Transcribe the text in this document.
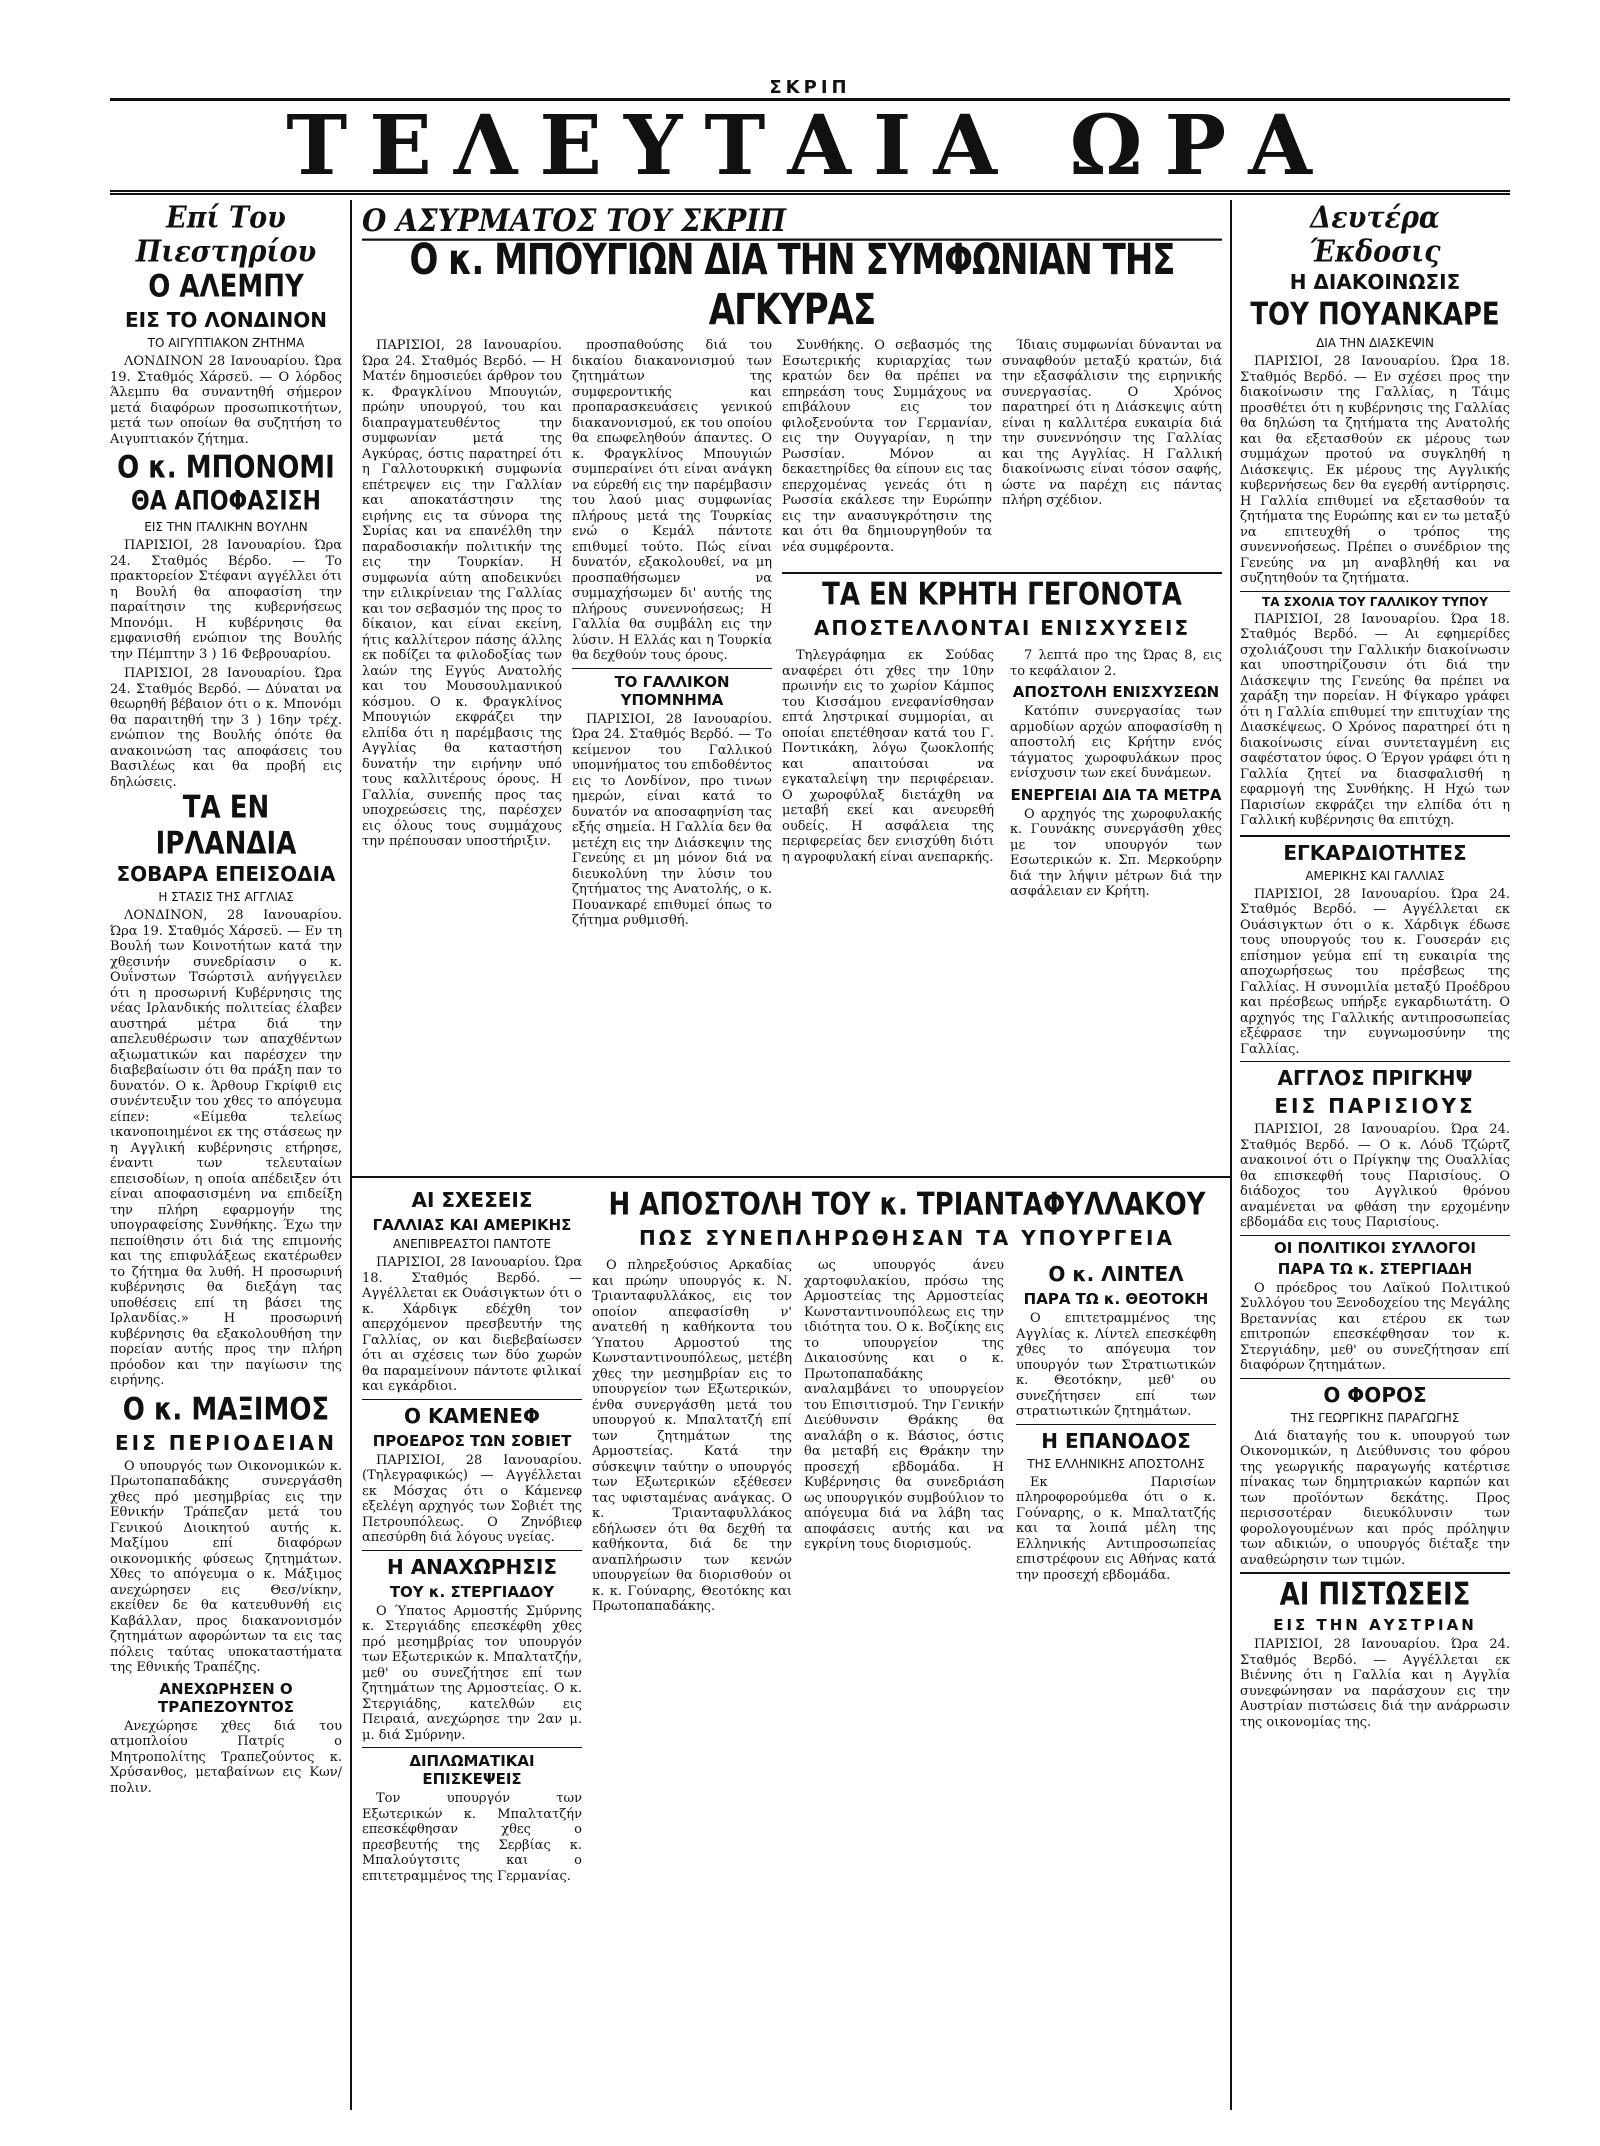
ΣΚΡΙΠ
ΤΕΛΕΥΤΑΙΑ ΩΡΑ
Επί Του Πιεστηρίου
Ο ΑΛΕΜΠΥ
ΕΙΣ ΤΟ ΛΟΝΔΙΝΟΝ
ΤΟ ΑΙΓΥΠΤΙΑΚΟΝ ΖΗΤΗΜΑ

ΛΟΝΔΙΝΟΝ 28 Ιανουαρίου. Ώρα 19. Σταθμός Χάρσεϋ. — Ο λόρδος Άλεμπυ θα συναντηθή σήμερον μετά διαφόρων προσωπικοτήτων, μετά των οποίων θα συζητήση το Αιγυπτιακόν ζήτημα.

Ο κ. ΜΠΟΝΟΜΙ
ΘΑ ΑΠΟΦΑΣΙΣΗ
ΕΙΣ ΤΗΝ ΙΤΑΛΙΚΗΝ ΒΟΥΛΗΝ

ΠΑΡΙΣΙΟΙ, 28 Ιανουαρίου. Ώρα 24. Σταθμός Βέρδο. — Το πρακτορείον Στέφανι αγγέλλει ότι η Βουλή θα αποφασίση την παραίτησιν της κυβερνήσεως Μπονόμι. Η κυβέρνησις θα εμφανισθή ενώπιον της Βουλής την Πέμπτην 3 ) 16 Φεβρουαρίου.

ΠΑΡΙΣΙΟΙ, 28 Ιανουαρίου. Ώρα 24. Σταθμός Βερδό. — Δύναται να θεωρηθή βέβαιον ότι ο κ. Μπονόμι θα παραιτηθή την 3 ) 16ην τρέχ. ενώπιον της Βουλής όπότε θα ανακοινώση τας αποφάσεις του Βασιλέως και θα προβή εις δηλώσεις.

ΤΑ ΕΝ ΙΡΛΑΝΔΙΑ
ΣΟΒΑΡΑ ΕΠΕΙΣΟΔΙΑ
Η ΣΤΑΣΙΣ ΤΗΣ ΑΓΓΛΙΑΣ

ΛΟΝΔΙΝΟΝ, 28 Ιανουαρίου. Ώρα 19. Σταθμός Χάρσεϋ. — Εν τη Βουλή των Κοινοτήτων κατά την χθεσινήν συνεδρίασιν ο κ. Ουΐνστων Τσώρτσιλ ανήγγειλεν ότι η προσωρινή Κυβέρνησις της νέας Ιρλανδικής πολιτείας έλαβεν αυστηρά μέτρα διά την απελευθέρωσιν των απαχθέντων αξιωματικών και παρέσχεν την διαβεβαίωσιν ότι θα πράξη παν το δυνατόν. Ο κ. Άρθουρ Γκρίφιθ εις συνέντευξιν του χθες το απόγευμα είπεν: «Είμεθα τελείως ικανοποιημένοι εκ της στάσεως ην η Αγγλική κυβέρνησις ετήρησε, έναντι των τελευταίων επεισοδίων, η οποία απέδειξεν ότι είναι αποφασισμένη να επιδείξη την πλήρη εφαρμογήν της υπογραφείσης Συνθήκης. Έχω την πεποίθησιν ότι διά της επιμονής και της επιφυλάξεως εκατέρωθεν το ζήτημα θα λυθή. Η προσωρινή κυβέρνησις θα διεξάγη τας υποθέσεις επί τη βάσει της Ιρλανδίας.» Η προσωρινή κυβέρνησις θα εξακολουθήση την πορείαν αυτής προς την πλήρη πρόοδον και την παγίωσιν της ειρήνης.

Ο κ. ΜΑΞΙΜΟΣ
ΕΙΣ ΠΕΡΙΟΔΕΙΑΝ

Ο υπουργός των Οικονομικών κ. Πρωτοπαπαδάκης συνεργάσθη χθες πρό μεσημβρίας εις την Εθνικήν Τράπεζαν μετά του Γενικού Διοικητού αυτής κ. Μαξίμου επί διαφόρων οικονομικής φύσεως ζητημάτων. Χθες το απόγευμα ο κ. Μάξιμος ανεχώρησεν εις Θεσ/νίκην, εκείθεν δε θα κατευθυνθή εις Καβάλλαν, προς διακανονισμόν ζητημάτων αφορώντων τα εις τας πόλεις ταύτας υποκαταστήματα της Εθνικής Τραπέζης.

ΑΝΕΧΩΡΗΣΕΝ Ο ΤΡΑΠΕΖΟΥΝΤΟΣ

Ανεχώρησε χθες διά του ατμοπλοίου Πατρίς ο Μητροπολίτης Τραπεζούντος κ. Χρύσανθος, μεταβαίνων εις Κων/πολιν.

Ο ΑΣΥΡΜΑΤΟΣ ΤΟΥ ΣΚΡΙΠ
Ο κ. ΜΠΟΥΓΙΩΝ ΔΙΑ ΤΗΝ ΣΥΜΦΩΝΙΑΝ ΤΗΣ ΑΓΚΥΡΑΣ

ΠΑΡΙΣΙΟΙ, 28 Ιανουαρίου. Ώρα 24. Σταθμός Βερδό. — Η Ματέν δημοσιεύει άρθρον του κ. Φραγκλίνου Μπουγιών, πρώην υπουργού, του και διαπραγματευθέντος την συμφωνίαν μετά της Αγκύρας, όστις παρατηρεί ότι η Γαλλοτουρκική συμφωνία επέτρεψεν εις την Γαλλίαν και αποκατάστησιν της ειρήνης εις τα σύνορα της Συρίας και να επανέλθη την παραδοσιακήν πολιτικήν της εις την Τουρκίαν. Η συμφωνία αύτη αποδεικνύει την ειλικρίνειαν της Γαλλίας και τον σεβασμόν της προς το δίκαιον, και είναι εκείνη, ήτις καλλίτερον πάσης άλλης εκ ποδίζει τα φιλοδοξίας των λαών της Εγγύς Ανατολής και του Μουσουλμανικού κόσμου. Ο κ. Φραγκλίνος Μπουγιών εκφράζει την ελπίδα ότι η παρέμβασις της Αγγλίας θα καταστήση δυνατήν την ειρήνην υπό τους καλλιτέρους όρους. Η Γαλλία, συνεπής προς τας υποχρεώσεις της, παρέσχεν εις όλους τους συμμάχους την πρέπουσαν υποστήριξιν.

προσπαθούσης διά του δικαίου διακανονισμού των ζητημάτων της συμφεροντικής και προπαρασκευάσεις γενικού διακανονισμού, εκ του οποίου θα επωφεληθούν άπαντες. Ο κ. Φραγκλίνος Μπουγιών συμπεραίνει ότι είναι ανάγκη να εύρεθή εις την παρέμβασιν του λαού μιας συμφωνίας πλήρους μετά της Τουρκίας ενώ ο Κεμάλ πάντοτε επιθυμεί τούτο. Πώς είναι δυνατόν, εξακολουθεί, να μη προσπαθήσωμεν να συμμαχήσωμεν δι' αυτής της πλήρους συνεννοήσεως; Η Γαλλία θα συμβάλη εις την λύσιν. Η Ελλάς και η Τουρκία θα δεχθούν τους όρους.

ΤΟ ΓΑΛΛΙΚΟΝ ΥΠΟΜΝΗΜΑ

ΠΑΡΙΣΙΟΙ, 28 Ιανουαρίου. Ώρα 24. Σταθμός Βερδό. — Το κείμενον του Γαλλικού υπομνήματος του επιδοθέντος εις το Λονδίνον, προ τινων ημερών, είναι κατά το δυνατόν να αποσαφηνίση τας εξής σημεία. Η Γαλλία δεν θα μετέχη εις την Διάσκεψιν της Γενεύης ει μη μόνον διά να διευκολύνη την λύσιν του ζητήματος της Ανατολής, ο κ. Πουανκαρέ επιθυμεί όπως το ζήτημα ρυθμισθή.

Συνθήκης. Ο σεβασμός της Εσωτερικής κυριαρχίας των κρατών δεν θα πρέπει να επηρεάση τους Συμμάχους να επιβάλουν εις τον φιλοξενούντα τον Γερμανίαν, εις την Ουγγαρίαν, η την Ρωσσίαν. Μόνον αι δεκαετηρίδες θα είπουν εις τας επερχομένας γενεάς ότι η Ρωσσία εκάλεσε την Ευρώπην εις την ανασυγκρότησιν της και ότι θα δημιουργηθούν τα νέα συμφέροντα.

Ίδιαις συμφωνίαι δύνανται να συναφθούν μεταξύ κρατών, διά την εξασφάλισιν της ειρηνικής συνεργασίας. Ο Χρόνος παρατηρεί ότι η Διάσκεψις αύτη είναι η καλλιτέρα ευκαιρία διά την συνεννόησιν της Γαλλίας και της Αγγλίας. Η Γαλλική διακοίνωσις είναι τόσον σαφής, ώστε να παρέχη εις πάντας πλήρη σχέδιον.

ΤΑ ΕΝ ΚΡΗΤΗ ΓΕΓΟΝΟΤΑ
ΑΠΟΣΤΕΛΛΟΝΤΑΙ ΕΝΙΣΧΥΣΕΙΣ

Τηλεγράφημα εκ Σούδας αναφέρει ότι χθες την 10ην πρωινήν εις το χωρίον Κάμπος του Κισσάμου ενεφανίσθησαν επτά ληστρικαί συμμορίαι, αι οποίαι επετέθησαν κατά του Γ. Ποντικάκη, λόγω ζωοκλοπής και απαιτούσαι να εγκαταλείψη την περιφέρειαν. Ο χωροφύλαξ διετάχθη να μεταβή εκεί και ανευρεθή ουδείς. Η ασφάλεια της περιφερείας δεν ενισχύθη διότι η αγροφυλακή είναι ανεπαρκής.

7 λεπτά προ της Ώρας 8, εις το κεφάλαιον 2.

ΑΠΟΣΤΟΛΗ ΕΝΙΣΧΥΣΕΩΝ

Κατόπιν συνεργασίας των αρμοδίων αρχών αποφασίσθη η αποστολή εις Κρήτην ενός τάγματος χωροφυλάκων προς ενίσχυσιν των εκεί δυνάμεων.

ΕΝΕΡΓΕΙΑΙ ΔΙΑ ΤΑ ΜΕΤΡΑ

Ο αρχηγός της χωροφυλακής κ. Γουνάκης συνεργάσθη χθες με τον υπουργόν των Εσωτερικών κ. Σπ. Μερκούρην διά την λήψιν μέτρων διά την ασφάλειαν εν Κρήτη.

ΑΙ ΣΧΕΣΕΙΣ
ΓΑΛΛΙΑΣ ΚΑΙ ΑΜΕΡΙΚΗΣ
ΑΝΕΠΙΒΡΕΑΣΤΟΙ ΠΑΝΤΟΤΕ

ΠΑΡΙΣΙΟΙ, 28 Ιανουαρίου. Ώρα 18. Σταθμός Βερδό. — Αγγέλλεται εκ Ουάσιγκτων ότι ο κ. Χάρδιγκ εδέχθη τον απερχόμενον πρεσβευτήν της Γαλλίας, ον και διεβεβαίωσεν ότι αι σχέσεις των δύο χωρών θα παραμείνουν πάντοτε φιλικαί και εγκάρδιοι.

Ο ΚΑΜΕΝΕΦ
ΠΡΟΕΔΡΟΣ ΤΩΝ ΣΟΒΙΕΤ

ΠΑΡΙΣΙΟΙ, 28 Ιανουαρίου. (Τηλεγραφικώς) — Αγγέλλεται εκ Μόσχας ότι ο Κάμενεφ εξελέγη αρχηγός των Σοβιέτ της Πετρουπόλεως. Ο Ζηνόβιεφ απεσύρθη διά λόγους υγείας.

Η ΑΝΑΧΩΡΗΣΙΣ
ΤΟΥ κ. ΣΤΕΡΓΙΑΔΟΥ

Ο Ύπατος Αρμοστής Σμύρνης κ. Στεργιάδης επεσκέφθη χθες πρό μεσημβρίας τον υπουργόν των Εξωτερικών κ. Μπαλτατζήν, μεθ' ου συνεζήτησε επί των ζητημάτων της Αρμοστείας. Ο κ. Στεργιάδης, κατελθών εις Πειραιά, ανεχώρησε την 2αν μ. μ. διά Σμύρνην.

ΔΙΠΛΩΜΑΤΙΚΑΙ ΕΠΙΣΚΕΨΕΙΣ

Τον υπουργόν των Εξωτερικών κ. Μπαλτατζήν επεσκέφθησαν χθες ο πρεσβευτής της Σερβίας κ. Μπαλούγτσιτς και ο επιτετραμμένος της Γερμανίας.

Η ΑΠΟΣΤΟΛΗ ΤΟΥ κ. ΤΡΙΑΝΤΑΦΥΛΛΑΚΟΥ
ΠΩΣ ΣΥΝΕΠΛΗΡΩΘΗΣΑΝ ΤΑ ΥΠΟΥΡΓΕΙΑ

Ο πληρεξούσιος Αρκαδίας και πρώην υπουργός κ. Ν. Τριανταφυλλάκος, εις τον οποίον απεφασίσθη ν' ανατεθή η καθήκοντα του Ύπατου Αρμοστού της Κωνσταντινουπόλεως, μετέβη χθες την μεσημβρίαν εις το υπουργείον των Εξωτερικών, ένθα συνεργάσθη μετά του υπουργού κ. Μπαλτατζή επί των ζητημάτων της Αρμοστείας. Κατά την σύσκεψιν ταύτην ο υπουργός των Εξωτερικών εξέθεσεν τας υφισταμένας ανάγκας. Ο κ. Τριανταφυλλάκος εδήλωσεν ότι θα δεχθή τα καθήκοντα, διά δε την αναπλήρωσιν των κενών υπουργείων θα διορισθούν οι κ. κ. Γούναρης, Θεοτόκης και Πρωτοπαπαδάκης.

ως υπουργός άνευ χαρτοφυλακίου, πρόσω της Αρμοστείας της Αρμοστείας Κωνσταντινουπόλεως εις την ιδιότητα του. Ο κ. Βοζίκης εις το υπουργείον της Δικαιοσύνης και ο κ. Πρωτοπαπαδάκης αναλαμβάνει το υπουργείον του Επισιτισμού. Την Γενικήν Διεύθυνσιν Θράκης θα αναλάβη ο κ. Βάσιος, όστις θα μεταβή εις Θράκην την προσεχή εβδομάδα. Η Κυβέρνησις θα συνεδριάση ως υπουργικόν συμβούλιον το απόγευμα διά να λάβη τας αποφάσεις αυτής και να εγκρίνη τους διορισμούς.

Ο κ. ΛΙΝΤΕΛ
ΠΑΡΑ ΤΩ κ. ΘΕΟΤΟΚΗ

Ο επιτετραμμένος της Αγγλίας κ. Λίντελ επεσκέφθη χθες το απόγευμα τον υπουργόν των Στρατιωτικών κ. Θεοτόκην, μεθ' ου συνεζήτησεν επί των στρατιωτικών ζητημάτων.

Η ΕΠΑΝΟΔΟΣ
ΤΗΣ ΕΛΛΗΝΙΚΗΣ ΑΠΟΣΤΟΛΗΣ

Εκ Παρισίων πληροφορούμεθα ότι ο κ. Γούναρης, ο κ. Μπαλτατζής και τα λοιπά μέλη της Ελληνικής Αντιπροσωπείας επιστρέφουν εις Αθήνας κατά την προσεχή εβδομάδα.

Δευτέρα Έκδοσις
Η ΔΙΑΚΟΙΝΩΣΙΣ
ΤΟΥ ΠΟΥΑΝΚΑΡΕ
ΔΙΑ ΤΗΝ ΔΙΑΣΚΕΨΙΝ

ΠΑΡΙΣΙΟΙ, 28 Ιανουαρίου. Ώρα 18. Σταθμός Βερδό. — Εν σχέσει προς την διακοίνωσιν της Γαλλίας, η Τάιμς προσθέτει ότι η κυβέρνησις της Γαλλίας θα δηλώση τα ζητήματα της Ανατολής και θα εξετασθούν εκ μέρους των συμμάχων προτού να συγκληθή η Διάσκεψις. Εκ μέρους της Αγγλικής κυβερνήσεως δεν θα εγερθή αντίρρησις. Η Γαλλία επιθυμεί να εξετασθούν τα ζητήματα της Ευρώπης και εν τω μεταξύ να επιτευχθή ο τρόπος της συνεννοήσεως. Πρέπει ο συνέδριον της Γενεύης να μη αναβληθή και να συζητηθούν τα ζητήματα.

ΤΑ ΣΧΟΛΙΑ ΤΟΥ ΓΑΛΛΙΚΟΥ ΤΥΠΟΥ

ΠΑΡΙΣΙΟΙ, 28 Ιανουαρίου. Ώρα 18. Σταθμός Βερδό. — Αι εφημερίδες σχολιάζουσι την Γαλλικήν διακοίνωσιν και υποστηρίζουσιν ότι διά την Διάσκεψιν της Γενεύης θα πρέπει να χαράξη την πορείαν. Η Φίγκαρο γράφει ότι η Γαλλία επιθυμεί την επιτυχίαν της Διασκέψεως. Ο Χρόνος παρατηρεί ότι η διακοίνωσις είναι συντεταγμένη εις σαφέστατον ύφος. Ο Έργον γράφει ότι η Γαλλία ζητεί να διασφαλισθή η εφαρμογή της Συνθήκης. Η Ηχώ των Παρισίων εκφράζει την ελπίδα ότι η Γαλλική κυβέρνησις θα επιτύχη.

ΕΓΚΑΡΔΙΟΤΗΤΕΣ
ΑΜΕΡΙΚΗΣ ΚΑΙ ΓΑΛΛΙΑΣ

ΠΑΡΙΣΙΟΙ, 28 Ιανουαρίου. Ώρα 24. Σταθμός Βερδό. — Αγγέλλεται εκ Ουάσιγκτων ότι ο κ. Χάρδιγκ έδωσε τους υπουργούς του κ. Γουσεράν εις επίσημον γεύμα επί τη ευκαιρία της αποχωρήσεως του πρέσβεως της Γαλλίας. Η συνομιλία μεταξύ Προέδρου και πρέσβεως υπήρξε εγκαρδιωτάτη. Ο αρχηγός της Γαλλικής αντιπροσωπείας εξέφρασε την ευγνωμοσύνην της Γαλλίας.

ΑΓΓΛΟΣ ΠΡΙΓΚΗΨ
ΕΙΣ ΠΑΡΙΣΙΟΥΣ

ΠΑΡΙΣΙΟΙ, 28 Ιανουαρίου. Ώρα 24. Σταθμός Βερδό. — Ο κ. Λόυδ Τζώρτζ ανακοινοί ότι ο Πρίγκηψ της Ουαλλίας θα επισκεφθή τους Παρισίους. Ο διάδοχος του Αγγλικού θρόνου αναμένεται να φθάση την ερχομένην εβδομάδα εις τους Παρισίους.

ΟΙ ΠΟΛΙΤΙΚΟΙ ΣΥΛΛΟΓΟΙ
ΠΑΡΑ ΤΩ κ. ΣΤΕΡΓΙΑΔΗ

Ο πρόεδρος του Λαϊκού Πολιτικού Συλλόγου του Ξενοδοχείου της Μεγάλης Βρεταννίας και ετέρου εκ των επιτροπών επεσκέφθησαν τον κ. Στεργιάδην, μεθ' ου συνεζήτησαν επί διαφόρων ζητημάτων.

Ο ΦΟΡΟΣ
ΤΗΣ ΓΕΩΡΓΙΚΗΣ ΠΑΡΑΓΩΓΗΣ

Διά διαταγής του κ. υπουργού των Οικονομικών, η Διεύθυνσις του φόρου της γεωργικής παραγωγής κατέρτισε πίνακας των δημητριακών καρπών και των προϊόντων δεκάτης. Προς περισσοτέραν διευκόλυνσιν των φορολογουμένων και πρός πρόληψιν των αδικιών, ο υπουργός διέταξε την αναθεώρησιν των τιμών.

ΑΙ ΠΙΣΤΩΣΕΙΣ
ΕΙΣ ΤΗΝ ΑΥΣΤΡΙΑΝ

ΠΑΡΙΣΙΟΙ, 28 Ιανουαρίου. Ώρα 24. Σταθμός Βερδό. — Αγγέλλεται εκ Βιέννης ότι η Γαλλία και η Αγγλία συνεφώνησαν να παράσχουν εις την Αυστρίαν πιστώσεις διά την ανάρρωσιν της οικονομίας της.
